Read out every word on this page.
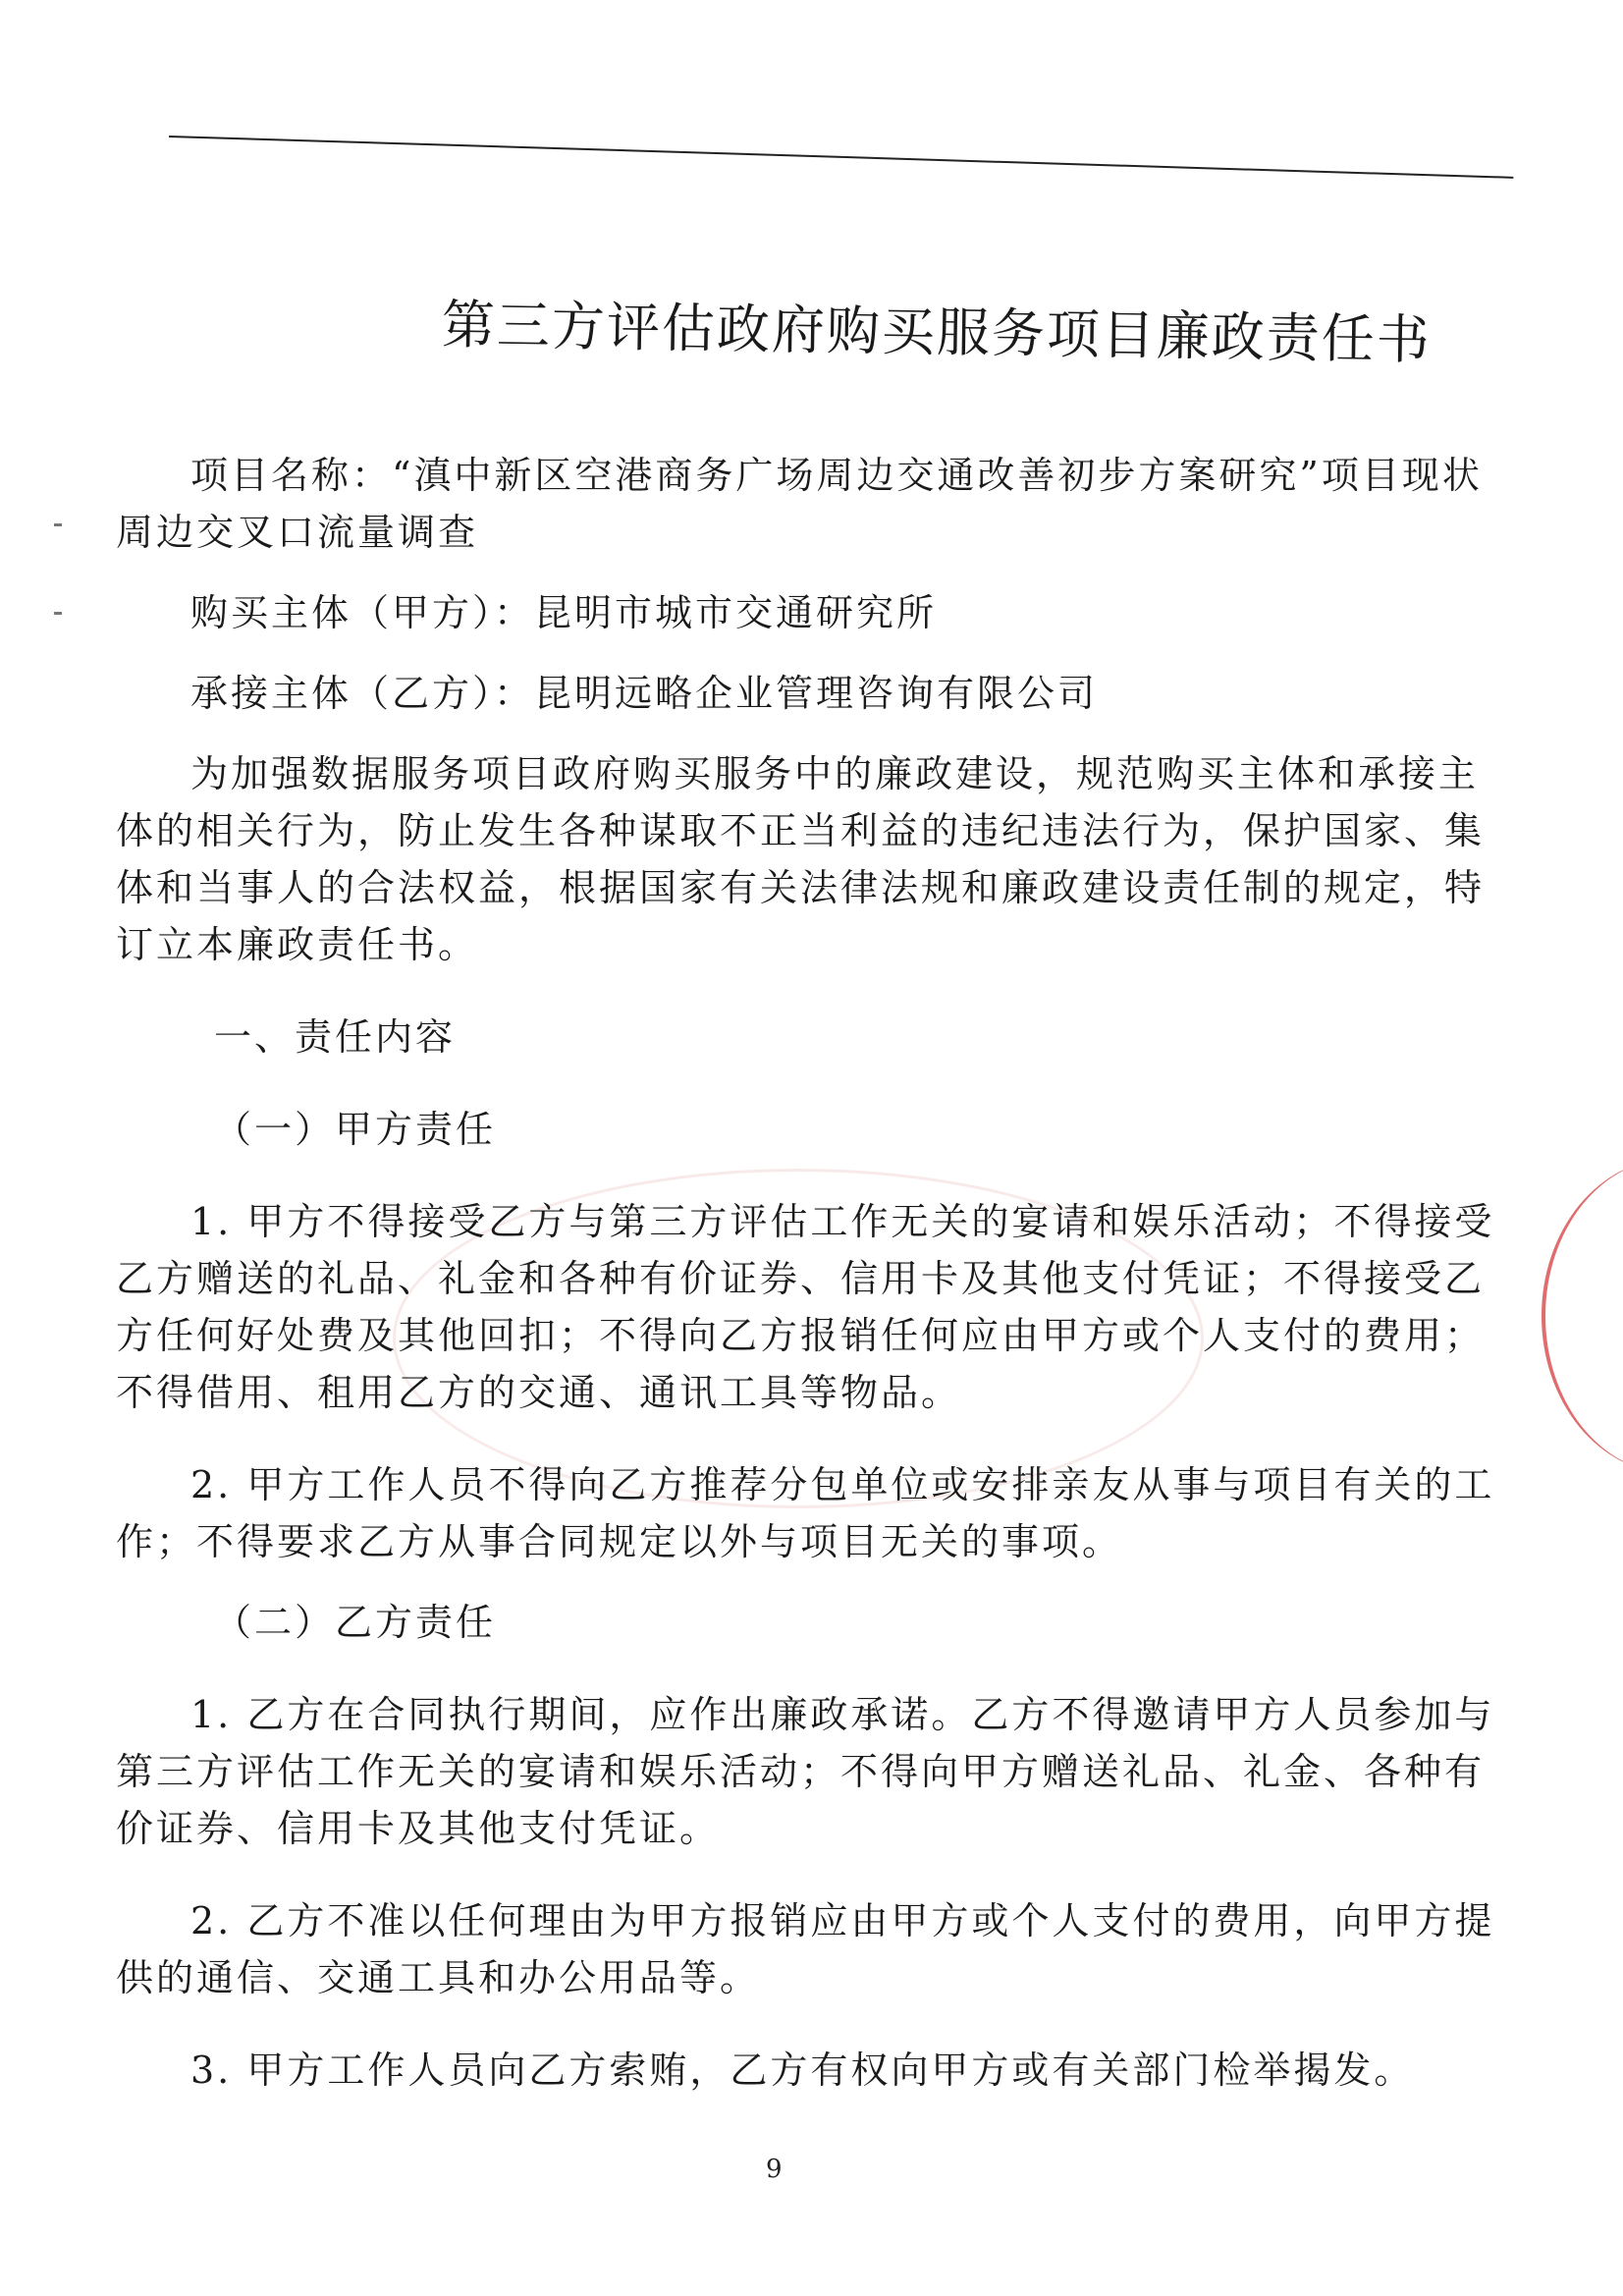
第三方评估政府购买服务项目廉政责任书

项目名称：“滇中新区空港商务广场周边交通改善初步方案研究”项目现状周边交叉口流量调查

购买主体（甲方）：昆明市城市交通研究所

承接主体（乙方）：昆明远略企业管理咨询有限公司

为加强数据服务项目政府购买服务中的廉政建设，规范购买主体和承接主体的相关行为，防止发生各种谋取不正当利益的违纪违法行为，保护国家、集体和当事人的合法权益，根据国家有关法律法规和廉政建设责任制的规定，特订立本廉政责任书。

一、责任内容

（一）甲方责任

1. 甲方不得接受乙方与第三方评估工作无关的宴请和娱乐活动；不得接受乙方赠送的礼品、礼金和各种有价证券、信用卡及其他支付凭证；不得接受乙方任何好处费及其他回扣；不得向乙方报销任何应由甲方或个人支付的费用；不得借用、租用乙方的交通、通讯工具等物品。

2. 甲方工作人员不得向乙方推荐分包单位或安排亲友从事与项目有关的工作；不得要求乙方从事合同规定以外与项目无关的事项。

（二）乙方责任

1. 乙方在合同执行期间，应作出廉政承诺。乙方不得邀请甲方人员参加与第三方评估工作无关的宴请和娱乐活动；不得向甲方赠送礼品、礼金、各种有价证券、信用卡及其他支付凭证。

2. 乙方不准以任何理由为甲方报销应由甲方或个人支付的费用，向甲方提供的通信、交通工具和办公用品等。

3. 甲方工作人员向乙方索贿，乙方有权向甲方或有关部门检举揭发。

9
